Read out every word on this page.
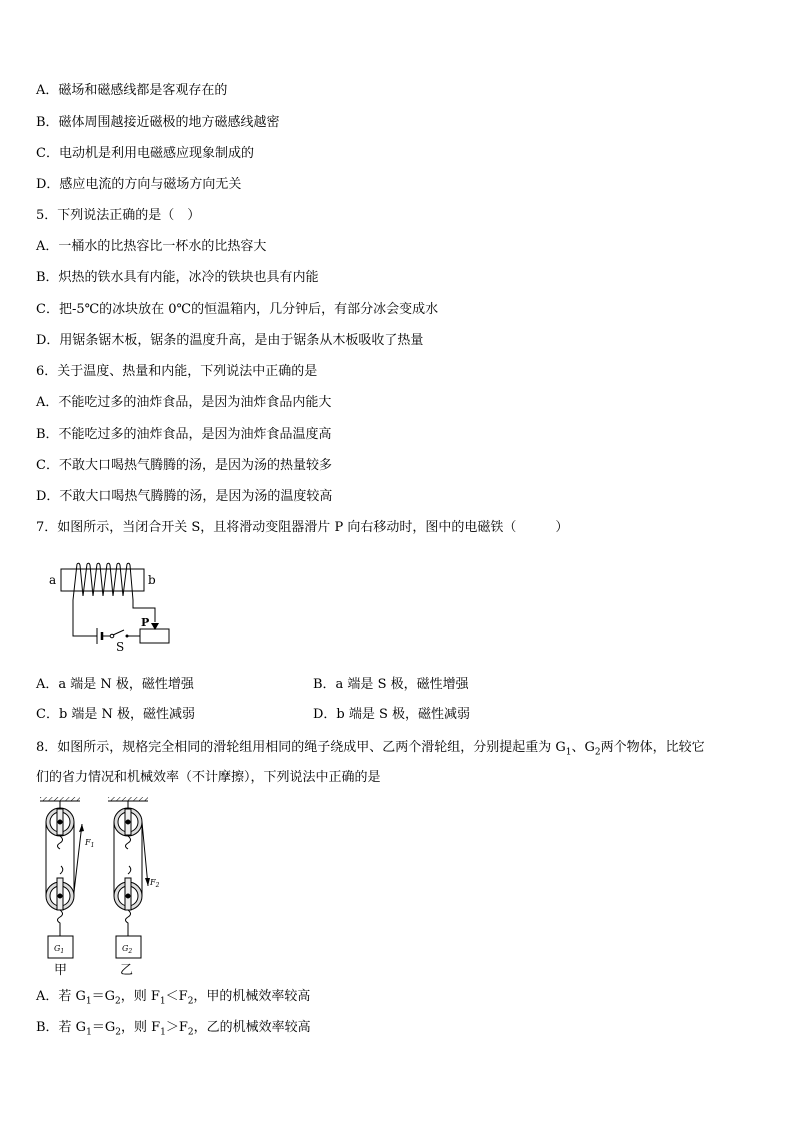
A．磁场和磁感线都是客观存在的
B．磁体周围越接近磁极的地方磁感线越密
C．电动机是利用电磁感应现象制成的
D．感应电流的方向与磁场方向无关
5．下列说法正确的是（　）
A．一桶水的比热容比一杯水的比热容大
B．炽热的铁水具有内能，冰冷的铁块也具有内能
C．把-5℃的冰块放在 0℃的恒温箱内，几分钟后，有部分冰会变成水
D．用锯条锯木板，锯条的温度升高，是由于锯条从木板吸收了热量
6．关于温度、热量和内能，下列说法中正确的是
A．不能吃过多的油炸食品，是因为油炸食品内能大
B．不能吃过多的油炸食品，是因为油炸食品温度高
C．不敢大口喝热气腾腾的汤，是因为汤的热量较多
D．不敢大口喝热气腾腾的汤，是因为汤的温度较高
7．如图所示，当闭合开关 S，且将滑动变阻器滑片 P 向右移动时，图中的电磁铁（　　　）
a	b
S
P
A．a 端是 N 极，磁性增强	B．a 端是 S 极，磁性增强
C．b 端是 N 极，磁性减弱	D．b 端是 S 极，磁性减弱
8．如图所示，规格完全相同的滑轮组用相同的绳子绕成甲、乙两个滑轮组，分别提起重为 $G_1$、$G_2$两个物体，比较它
们的省力情况和机械效率（不计摩擦），下列说法中正确的是
$F_1$
$G_1$
甲
$F_2$
$G_2$
乙
A．若 $G_1=G_2$，则 $F_1<F_2$，甲的机械效率较高
B．若 $G_1=G_2$，则 $F_1>F_2$，乙的机械效率较高
